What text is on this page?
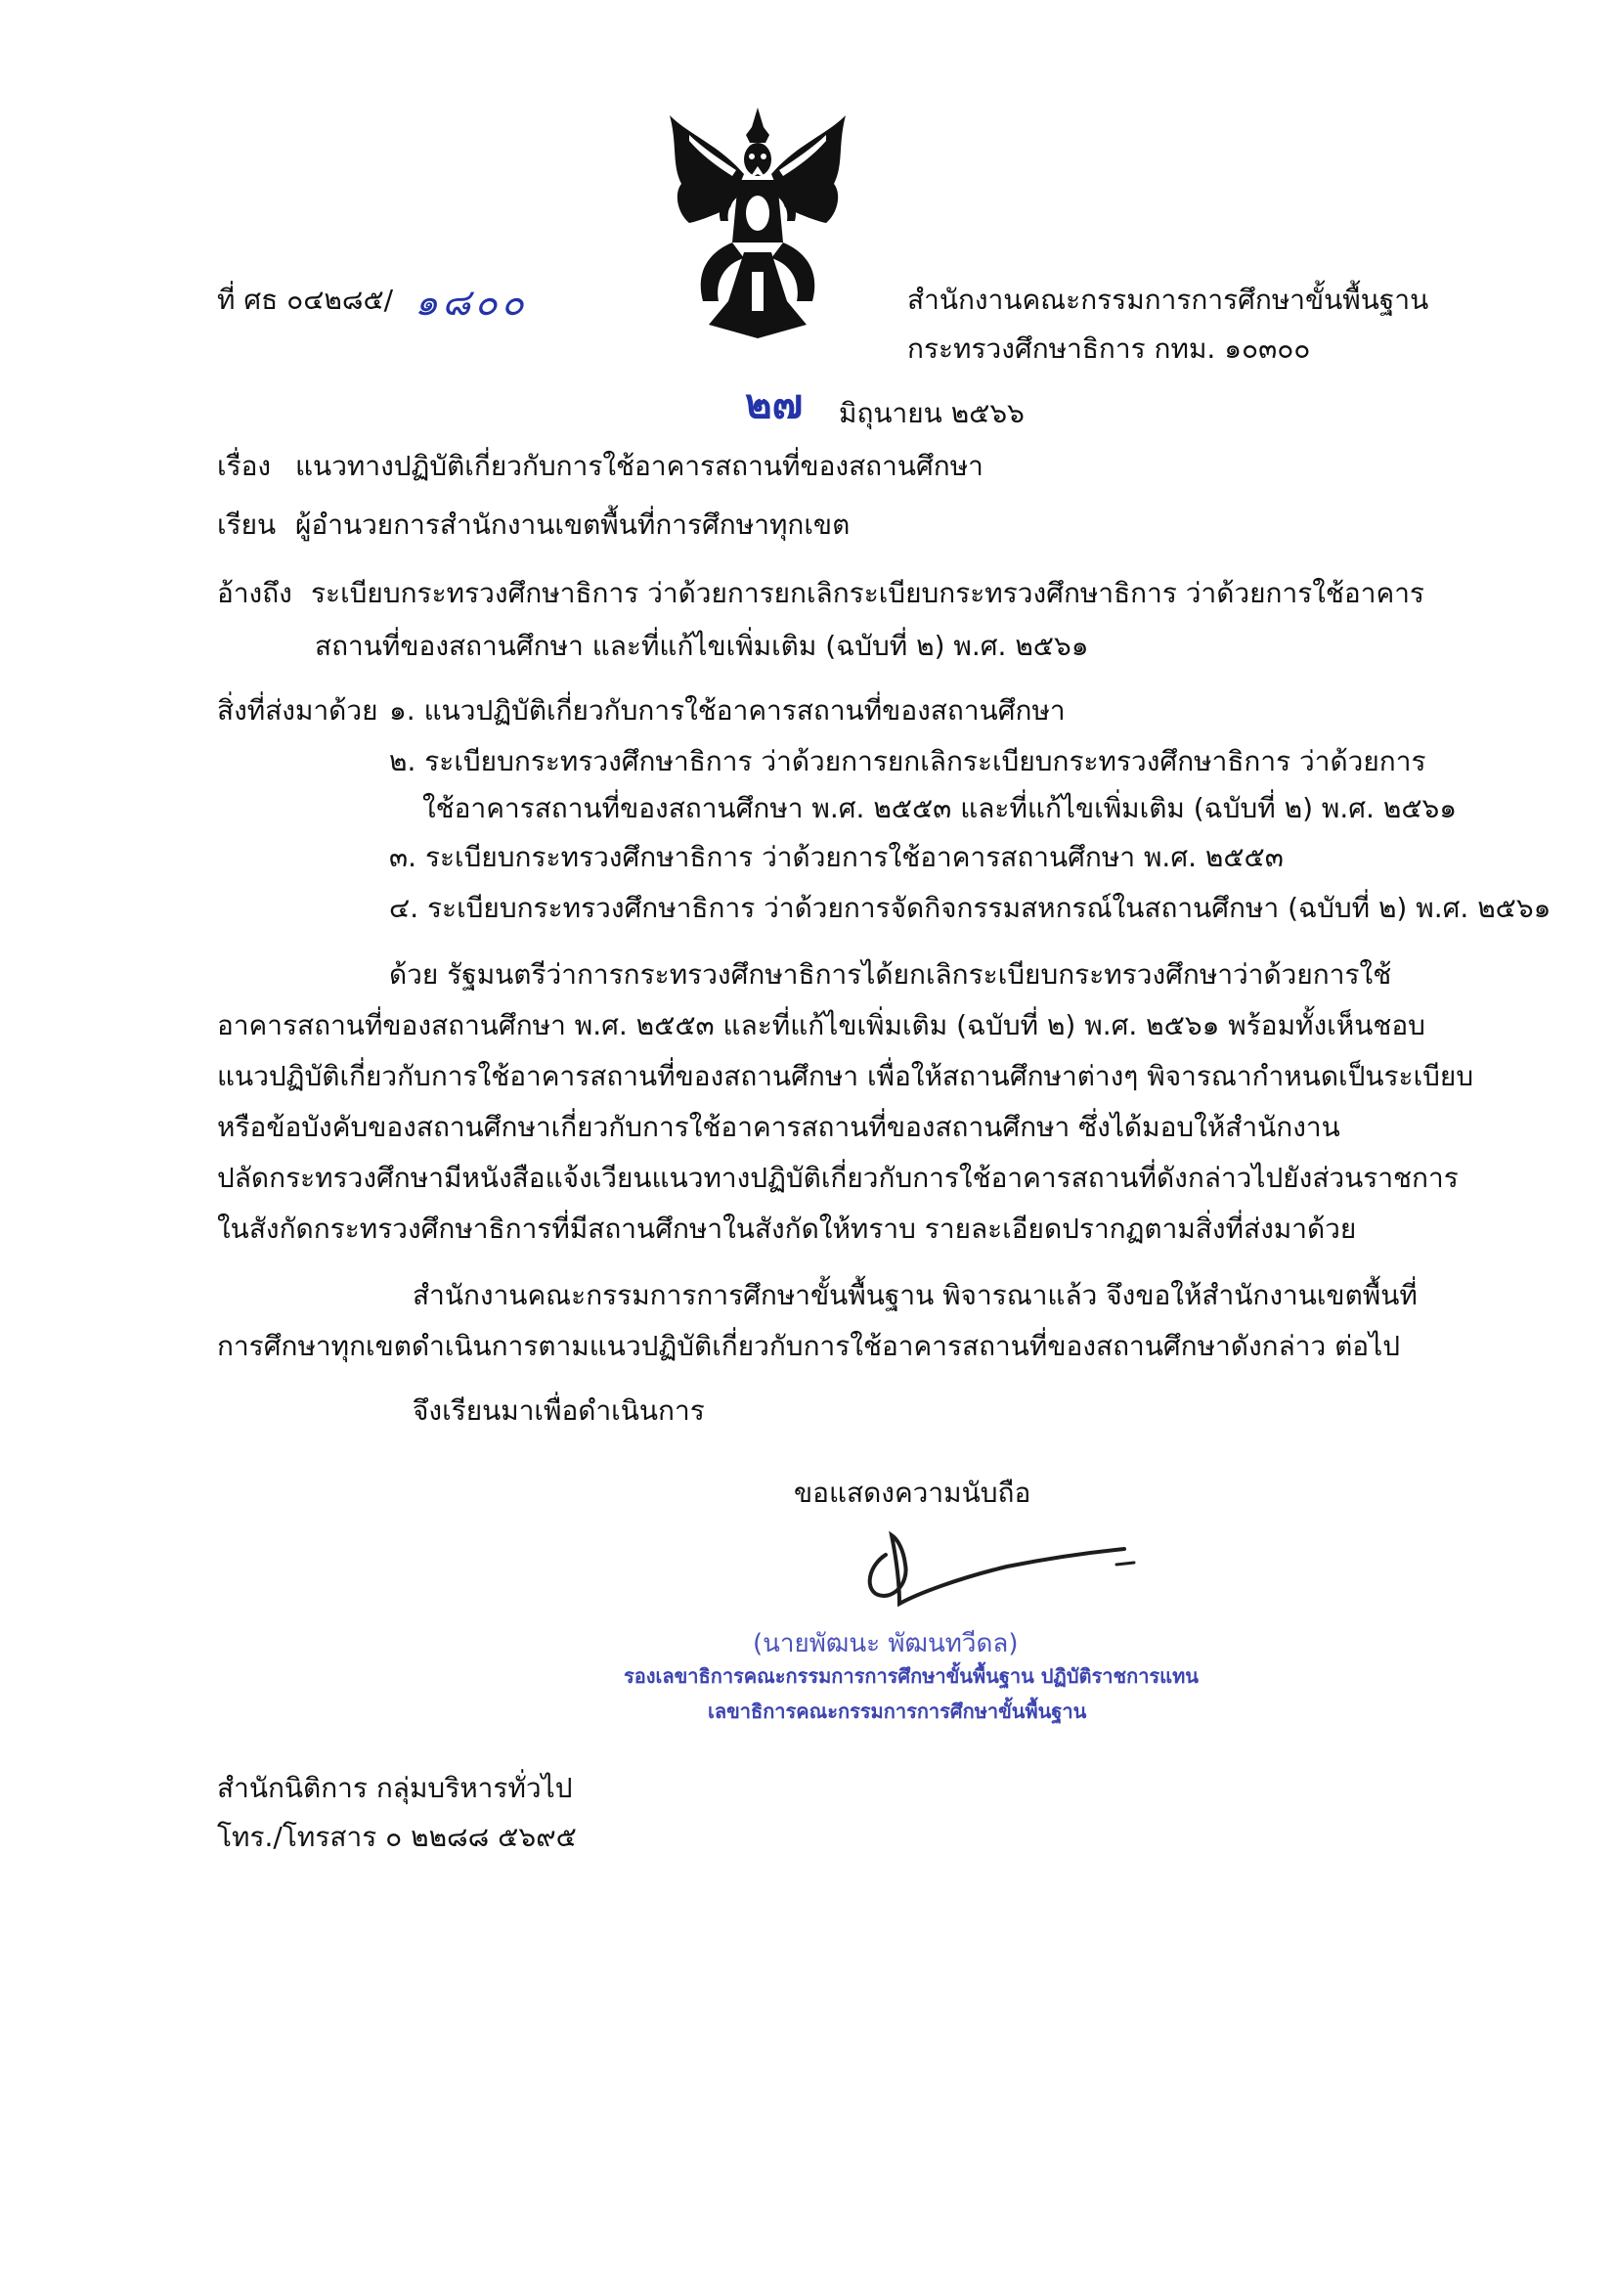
ที่ ศธ ๐๔๒๘๕/ ๑๘๐๐	สำนักงานคณะกรรมการการศึกษาขั้นพื้นฐาน
กระทรวงศึกษาธิการ กทม. ๑๐๓๐๐
๒๗ มิถุนายน ๒๕๖๖
เรื่อง แนวทางปฏิบัติเกี่ยวกับการใช้อาคารสถานที่ของสถานศึกษา
เรียน ผู้อำนวยการสำนักงานเขตพื้นที่การศึกษาทุกเขต
อ้างถึง ระเบียบกระทรวงศึกษาธิการ ว่าด้วยการยกเลิกระเบียบกระทรวงศึกษาธิการ ว่าด้วยการใช้อาคาร
สถานที่ของสถานศึกษา และที่แก้ไขเพิ่มเติม (ฉบับที่ ๒) พ.ศ. ๒๕๖๑
สิ่งที่ส่งมาด้วย ๑. แนวปฏิบัติเกี่ยวกับการใช้อาคารสถานที่ของสถานศึกษา
๒. ระเบียบกระทรวงศึกษาธิการ ว่าด้วยการยกเลิกระเบียบกระทรวงศึกษาธิการ ว่าด้วยการ
ใช้อาคารสถานที่ของสถานศึกษา พ.ศ. ๒๕๕๓ และที่แก้ไขเพิ่มเติม (ฉบับที่ ๒) พ.ศ. ๒๕๖๑
๓. ระเบียบกระทรวงศึกษาธิการ ว่าด้วยการใช้อาคารสถานศึกษา พ.ศ. ๒๕๕๓
๔. ระเบียบกระทรวงศึกษาธิการ ว่าด้วยการจัดกิจกรรมสหกรณ์ในสถานศึกษา (ฉบับที่ ๒) พ.ศ. ๒๕๖๑
ด้วย รัฐมนตรีว่าการกระทรวงศึกษาธิการได้ยกเลิกระเบียบกระทรวงศึกษาว่าด้วยการใช้
อาคารสถานที่ของสถานศึกษา พ.ศ. ๒๕๕๓ และที่แก้ไขเพิ่มเติม (ฉบับที่ ๒) พ.ศ. ๒๕๖๑ พร้อมทั้งเห็นชอบ
แนวปฏิบัติเกี่ยวกับการใช้อาคารสถานที่ของสถานศึกษา เพื่อให้สถานศึกษาต่างๆ พิจารณากำหนดเป็นระเบียบ
หรือข้อบังคับของสถานศึกษาเกี่ยวกับการใช้อาคารสถานที่ของสถานศึกษา ซึ่งได้มอบให้สำนักงาน
ปลัดกระทรวงศึกษามีหนังสือแจ้งเวียนแนวทางปฏิบัติเกี่ยวกับการใช้อาคารสถานที่ดังกล่าวไปยังส่วนราชการ
ในสังกัดกระทรวงศึกษาธิการที่มีสถานศึกษาในสังกัดให้ทราบ รายละเอียดปรากฏตามสิ่งที่ส่งมาด้วย
สำนักงานคณะกรรมการการศึกษาขั้นพื้นฐาน พิจารณาแล้ว จึงขอให้สำนักงานเขตพื้นที่
การศึกษาทุกเขตดำเนินการตามแนวปฏิบัติเกี่ยวกับการใช้อาคารสถานที่ของสถานศึกษาดังกล่าว ต่อไป
จึงเรียนมาเพื่อดำเนินการ
ขอแสดงความนับถือ
(นายพัฒนะ พัฒนทวีดล)
รองเลขาธิการคณะกรรมการการศึกษาขั้นพื้นฐาน ปฏิบัติราชการแทน
เลขาธิการคณะกรรมการการศึกษาขั้นพื้นฐาน
สำนักนิติการ กลุ่มบริหารทั่วไป
โทร./โทรสาร ๐ ๒๒๘๘ ๕๖๙๕
